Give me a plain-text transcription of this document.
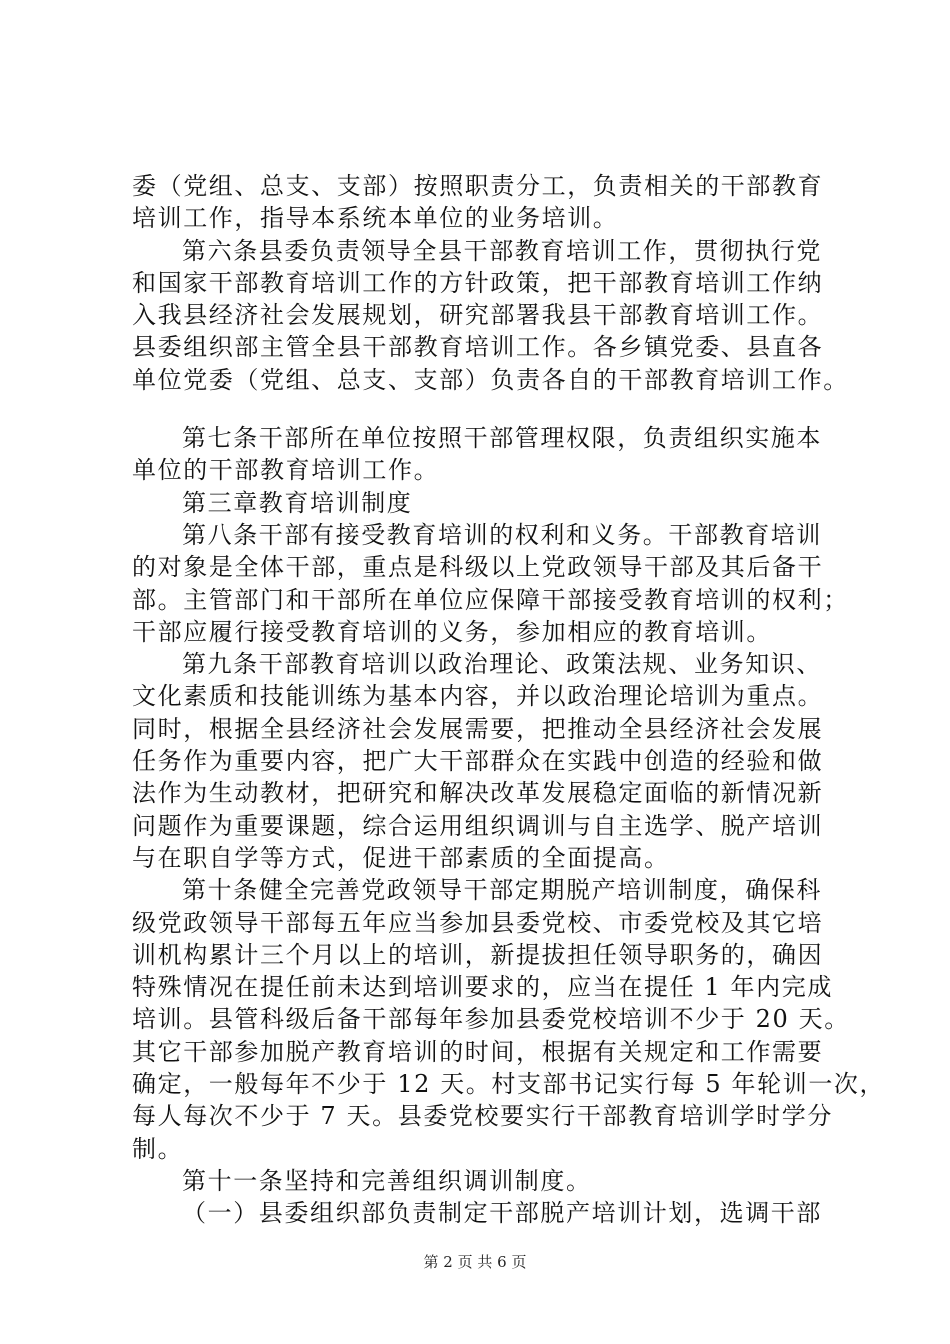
委（党组、总支、支部）按照职责分工，负责相关的干部教育
培训工作，指导本系统本单位的业务培训。
第六条县委负责领导全县干部教育培训工作，贯彻执行党
和国家干部教育培训工作的方针政策，把干部教育培训工作纳
入我县经济社会发展规划，研究部署我县干部教育培训工作。
县委组织部主管全县干部教育培训工作。各乡镇党委、县直各
单位党委（党组、总支、支部）负责各自的干部教育培训工作。
第七条干部所在单位按照干部管理权限，负责组织实施本
单位的干部教育培训工作。
第三章教育培训制度
第八条干部有接受教育培训的权利和义务。干部教育培训
的对象是全体干部，重点是科级以上党政领导干部及其后备干
部。主管部门和干部所在单位应保障干部接受教育培训的权利；
干部应履行接受教育培训的义务，参加相应的教育培训。
第九条干部教育培训以政治理论、政策法规、业务知识、
文化素质和技能训练为基本内容，并以政治理论培训为重点。
同时，根据全县经济社会发展需要，把推动全县经济社会发展
任务作为重要内容，把广大干部群众在实践中创造的经验和做
法作为生动教材，把研究和解决改革发展稳定面临的新情况新
问题作为重要课题，综合运用组织调训与自主选学、脱产培训
与在职自学等方式，促进干部素质的全面提高。
第十条健全完善党政领导干部定期脱产培训制度，确保科
级党政领导干部每五年应当参加县委党校、市委党校及其它培
训机构累计三个月以上的培训，新提拔担任领导职务的，确因
特殊情况在提任前未达到培训要求的，应当在提任 1 年内完成
培训。县管科级后备干部每年参加县委党校培训不少于 20 天。
其它干部参加脱产教育培训的时间，根据有关规定和工作需要
确定，一般每年不少于 12 天。村支部书记实行每 5 年轮训一次，
每人每次不少于 7 天。县委党校要实行干部教育培训学时学分
制。
第十一条坚持和完善组织调训制度。
（一）县委组织部负责制定干部脱产培训计划，选调干部
第 2 页 共 6 页
